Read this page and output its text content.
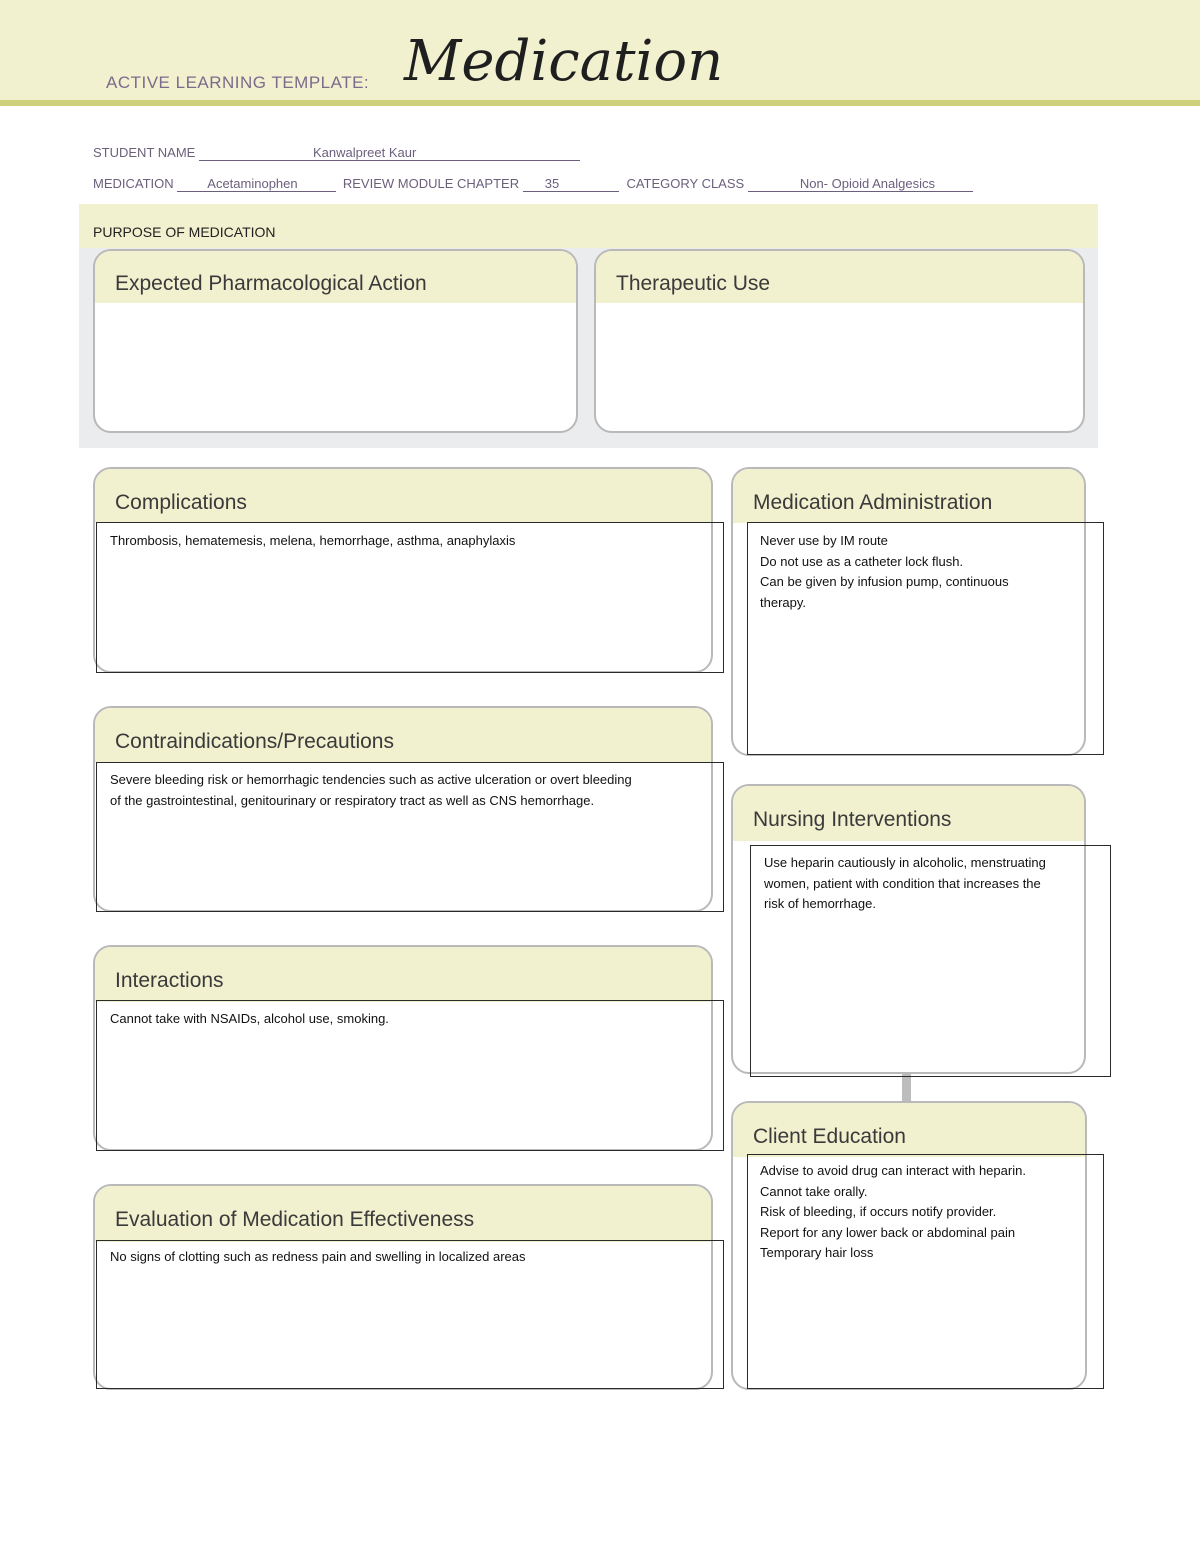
ACTIVE LEARNING TEMPLATE: Medication
STUDENT NAME	Kanwalpreet Kaur
MEDICATION	Acetaminophen	REVIEW MODULE CHAPTER 35	CATEGORY CLASS	Non- Opioid Analgesics
PURPOSE OF MEDICATION
Expected Pharmacological Action	Therapeutic Use
Complications
Thrombosis, hematemesis, melena, hemorrhage, asthma, anaphylaxis
Contraindications/Precautions
Severe bleeding risk or hemorrhagic tendencies such as active ulceration or overt bleeding
of the gastrointestinal, genitourinary or respiratory tract as well as CNS hemorrhage.
Interactions
Cannot take with NSAIDs, alcohol use, smoking.
Evaluation of Medication Effectiveness
No signs of clotting such as redness pain and swelling in localized areas
Medication Administration
Never use by IM route
Do not use as a catheter lock flush.
Can be given by infusion pump, continuous
therapy.
Nursing Interventions
Use heparin cautiously in alcoholic, menstruating
women, patient with condition that increases the
risk of hemorrhage.
Client Education
Advise to avoid drug can interact with heparin.
Cannot take orally.
Risk of bleeding, if occurs notify provider.
Report for any lower back or abdominal pain
Temporary hair loss
